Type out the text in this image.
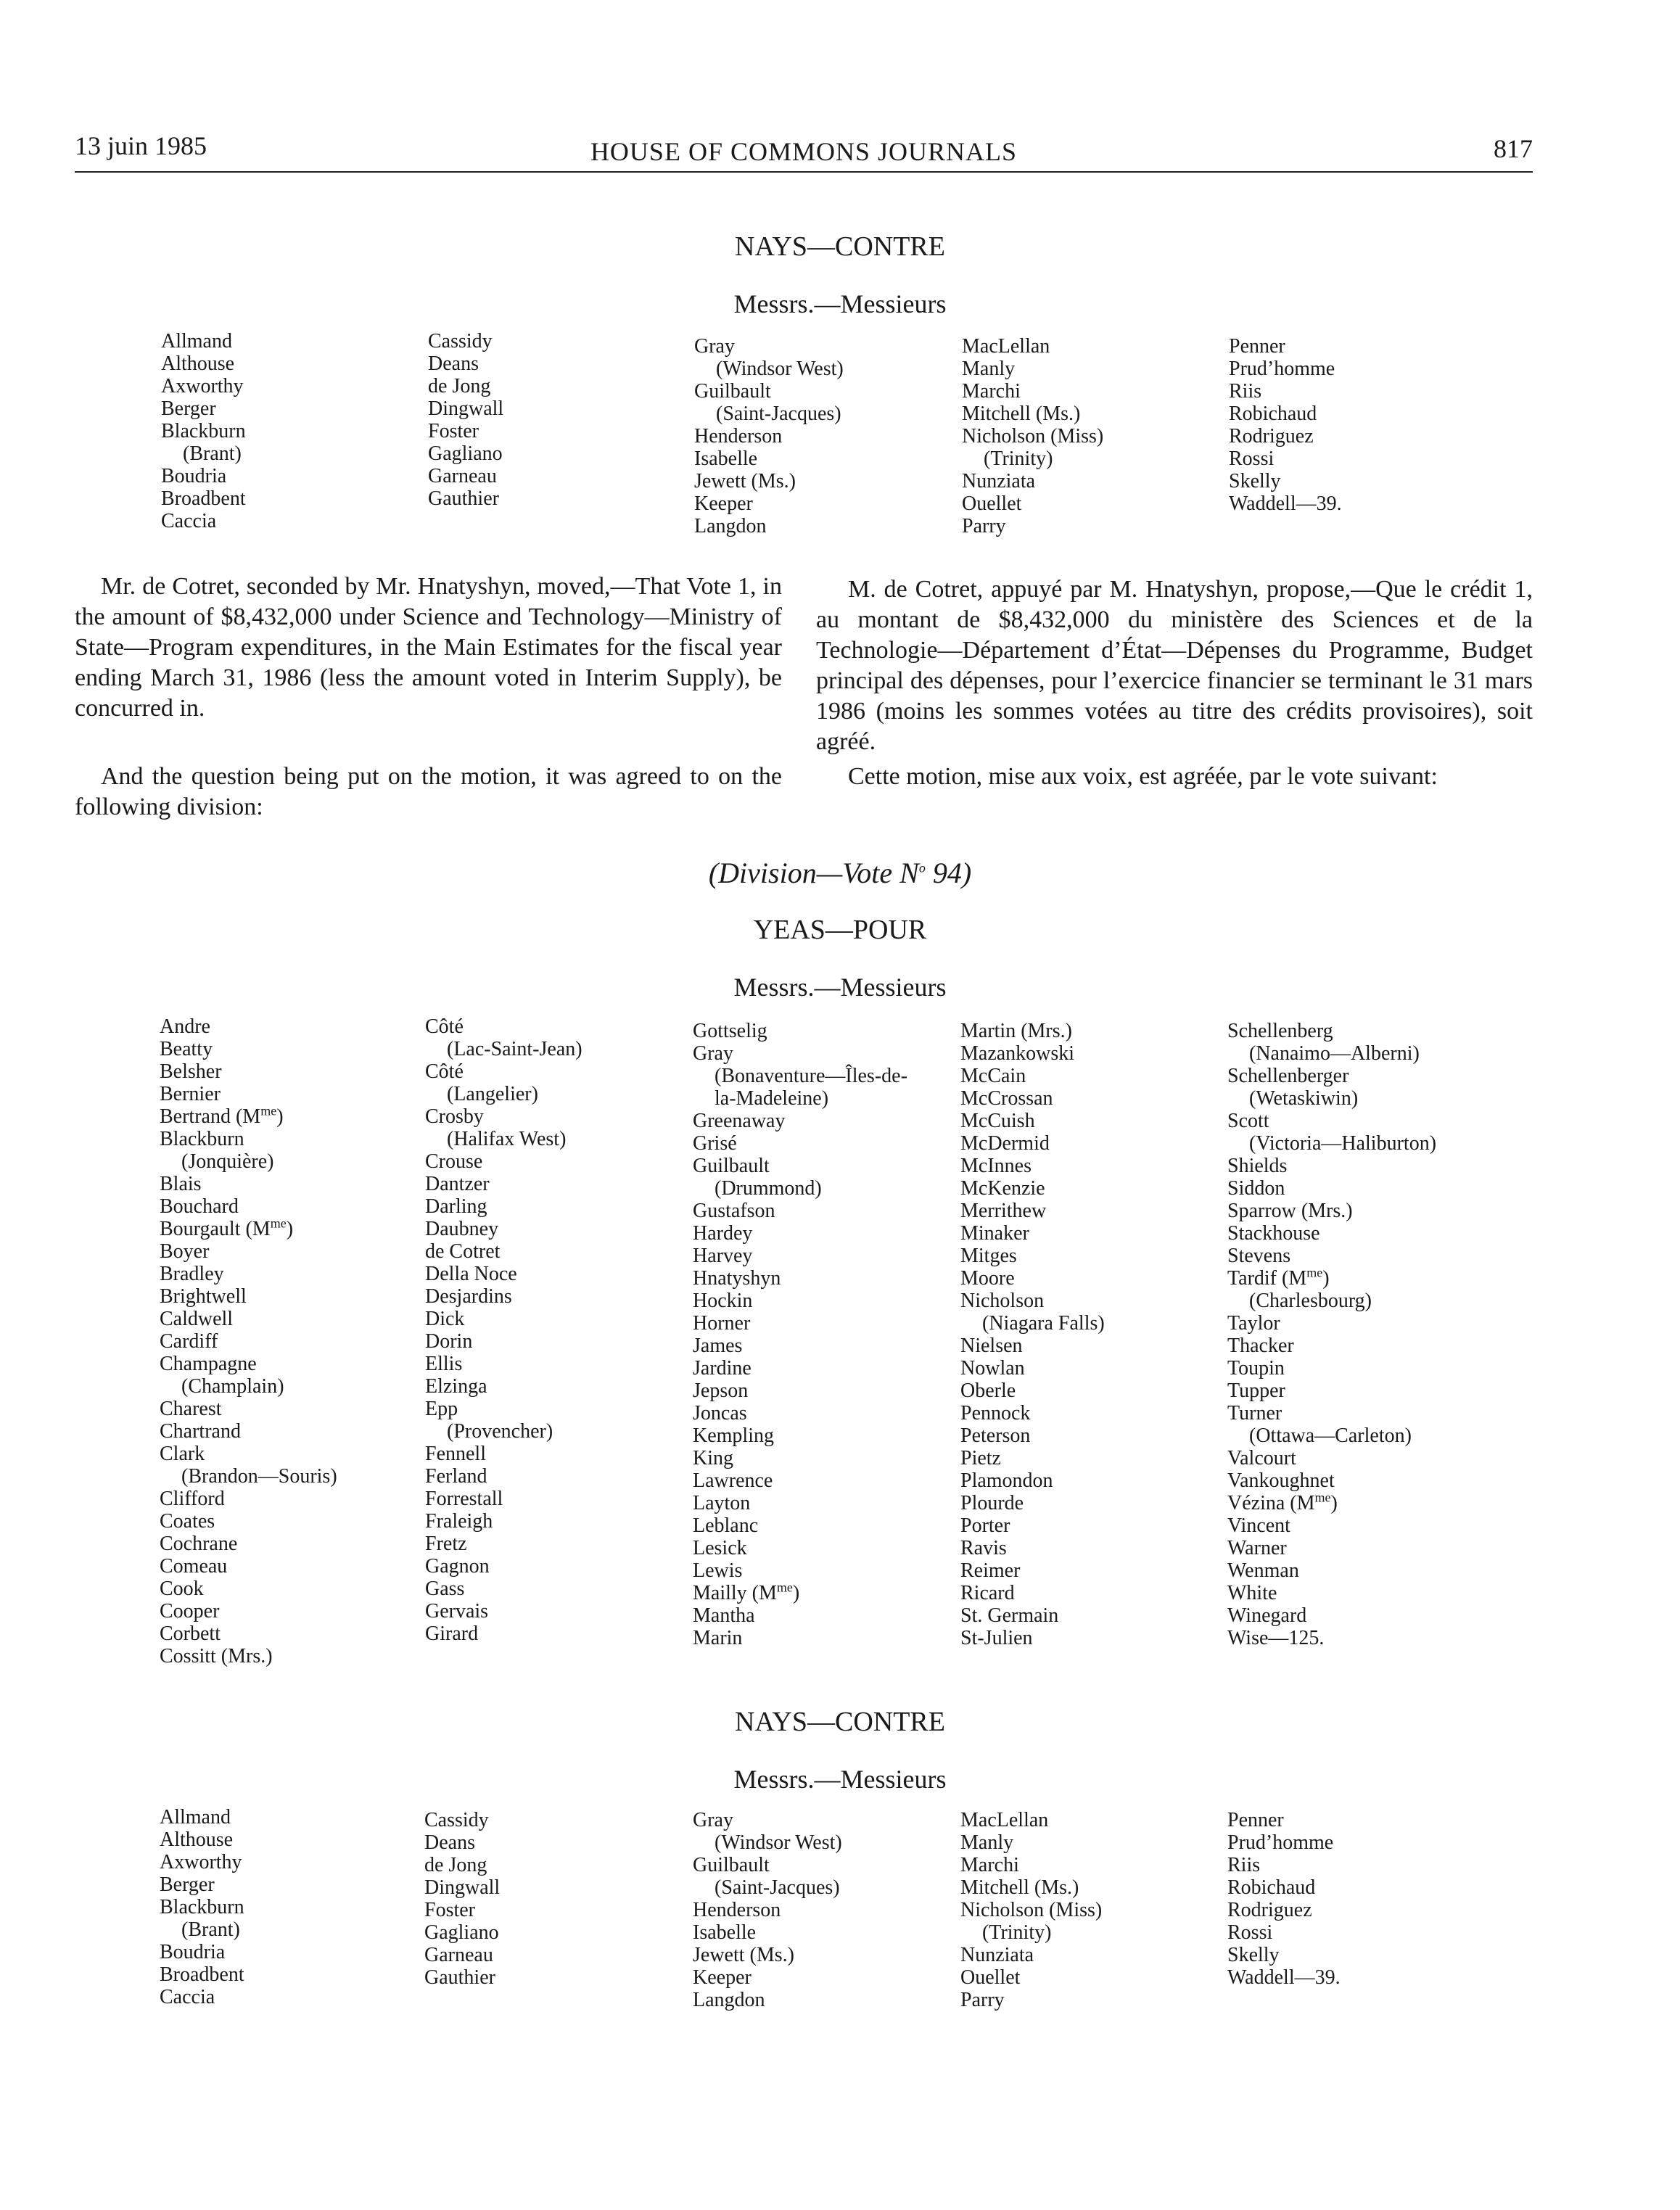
13 juin 1985	HOUSE OF COMMONS JOURNALS	817
NAYS—CONTRE
Messrs.—Messieurs
Allmand
Althouse
Axworthy
Berger
Blackburn
(Brant)
Boudria
Broadbent
Caccia
Cassidy
Deans
de Jong
Dingwall
Foster
Gagliano
Garneau
Gauthier
Gray
(Windsor West)
Guilbault
(Saint-Jacques)
Henderson
Isabelle
Jewett (Ms.)
Keeper
Langdon
MacLellan
Manly
Marchi
Mitchell (Ms.)
Nicholson (Miss)
(Trinity)
Nunziata
Ouellet
Parry
Penner
Prud’homme
Riis
Robichaud
Rodriguez
Rossi
Skelly
Waddell—39.
Mr. de Cotret, seconded by Mr. Hnatyshyn, moved,—That Vote 1, in the amount of $8,432,000 under Science and Technology—Ministry of State—Program expenditures, in the Main Estimates for the fiscal year ending March 31, 1986 (less the amount voted in Interim Supply), be concurred in.
M. de Cotret, appuyé par M. Hnatyshyn, propose,—Que le crédit 1, au montant de $8,432,000 du ministère des Sciences et de la Technologie—Département d’État—Dépenses du Programme, Budget principal des dépenses, pour l’exercice financier se terminant le 31 mars 1986 (moins les sommes votées au titre des crédits provisoires), soit agréé.
And the question being put on the motion, it was agreed to on the following division:
Cette motion, mise aux voix, est agréée, par le vote suivant:
(Division—Vote $N^o$ 94)
YEAS—POUR
Messrs.—Messieurs
Andre
Beatty
Belsher
Bernier
Bertrand $(M^{me})$
Blackburn
(Jonquière)
Blais
Bouchard
Bourgault $(M^{me})$
Boyer
Bradley
Brightwell
Caldwell
Cardiff
Champagne
(Champlain)
Charest
Chartrand
Clark
(Brandon—Souris)
Clifford
Coates
Cochrane
Comeau
Cook
Cooper
Corbett
Cossitt (Mrs.)
Côté
(Lac-Saint-Jean)
Côté
(Langelier)
Crosby
(Halifax West)
Crouse
Dantzer
Darling
Daubney
de Cotret
Della Noce
Desjardins
Dick
Dorin
Ellis
Elzinga
Epp
(Provencher)
Fennell
Ferland
Forrestall
Fraleigh
Fretz
Gagnon
Gass
Gervais
Girard
Gottselig
Gray
(Bonaventure—Îles-de-
la-Madeleine)
Greenaway
Grisé
Guilbault
(Drummond)
Gustafson
Hardey
Harvey
Hnatyshyn
Hockin
Horner
James
Jardine
Jepson
Joncas
Kempling
King
Lawrence
Layton
Leblanc
Lesick
Lewis
Mailly $(M^{me})$
Mantha
Marin
Martin (Mrs.)
Mazankowski
McCain
McCrossan
McCuish
McDermid
McInnes
McKenzie
Merrithew
Minaker
Mitges
Moore
Nicholson
(Niagara Falls)
Nielsen
Nowlan
Oberle
Pennock
Peterson
Pietz
Plamondon
Plourde
Porter
Ravis
Reimer
Ricard
St. Germain
St-Julien
Schellenberg
(Nanaimo—Alberni)
Schellenberger
(Wetaskiwin)
Scott
(Victoria—Haliburton)
Shields
Siddon
Sparrow (Mrs.)
Stackhouse
Stevens
Tardif $(M^{me})$
(Charlesbourg)
Taylor
Thacker
Toupin
Tupper
Turner
(Ottawa—Carleton)
Valcourt
Vankoughnet
Vézina $(M^{me})$
Vincent
Warner
Wenman
White
Winegard
Wise—125.
NAYS—CONTRE
Messrs.—Messieurs
Allmand
Althouse
Axworthy
Berger
Blackburn
(Brant)
Boudria
Broadbent
Caccia
Cassidy
Deans
de Jong
Dingwall
Foster
Gagliano
Garneau
Gauthier
Gray
(Windsor West)
Guilbault
(Saint-Jacques)
Henderson
Isabelle
Jewett (Ms.)
Keeper
Langdon
MacLellan
Manly
Marchi
Mitchell (Ms.)
Nicholson (Miss)
(Trinity)
Nunziata
Ouellet
Parry
Penner
Prud’homme
Riis
Robichaud
Rodriguez
Rossi
Skelly
Waddell—39.
